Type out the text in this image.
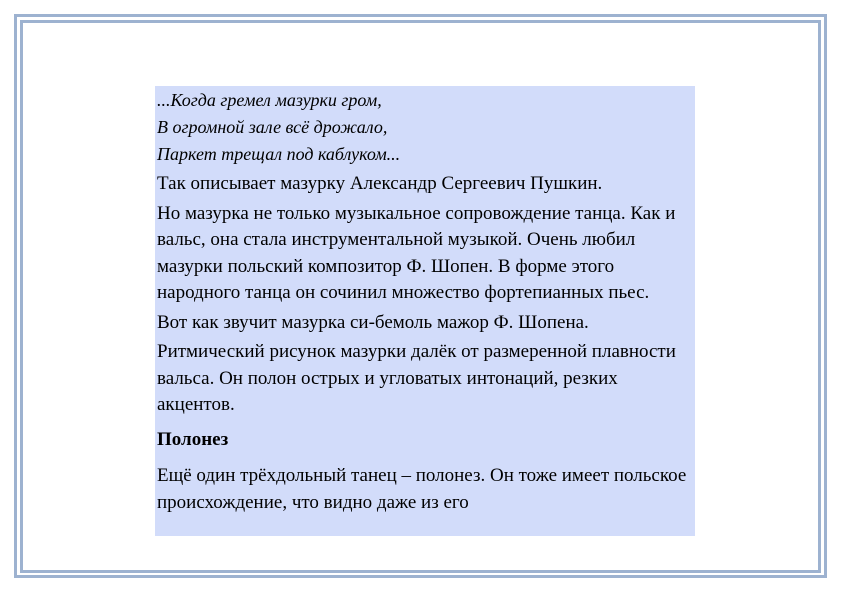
...Когда гремел мазурки гром,

В огромной зале всё дрожало,

Паркет трещал под каблуком...

Так описывает мазурку Александр Сергеевич Пушкин.

Но мазурка не только музыкальное сопровождение танца. Как и вальс, она стала инструментальной музыкой. Очень любил мазурки польский композитор Ф. Шопен. В форме этого народного танца он сочинил множество фортепианных пьес.

Вот как звучит мазурка си-бемоль мажор Ф. Шопена.

Ритмический рисунок мазурки далёк от размеренной плавности вальса. Он полон острых и угловатых интонаций, резких акцентов.

Полонез

Ещё один трёхдольный танец – полонез. Он тоже имеет польское происхождение, что видно даже из его
